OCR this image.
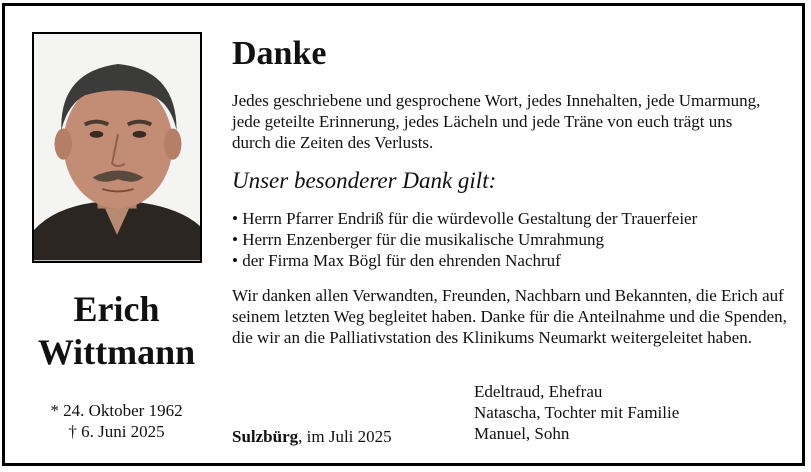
Erich
Wittmann
* 24. Oktober 1962
† 6. Juni 2025
Danke
Jedes geschriebene und gesprochene Wort, jedes Innehalten, jede Umarmung, jede geteilte Erinnerung, jedes Lächeln und jede Träne von euch trägt uns durch die Zeiten des Verlusts.
Unser besonderer Dank gilt:
• Herrn Pfarrer Endriß für die würdevolle Gestaltung der Trauerfeier
• Herrn Enzenberger für die musikalische Umrahmung
• der Firma Max Bögl für den ehrenden Nachruf
Wir danken allen Verwandten, Freunden, Nachbarn und Bekannten, die Erich auf seinem letzten Weg begleitet haben. Danke für die Anteilnahme und die Spenden, die wir an die Palliativstation des Klinikums Neumarkt weitergeleitet haben.
Sulzbürg, im Juli 2025
Edeltraud, Ehefrau
Natascha, Tochter mit Familie
Manuel, Sohn
